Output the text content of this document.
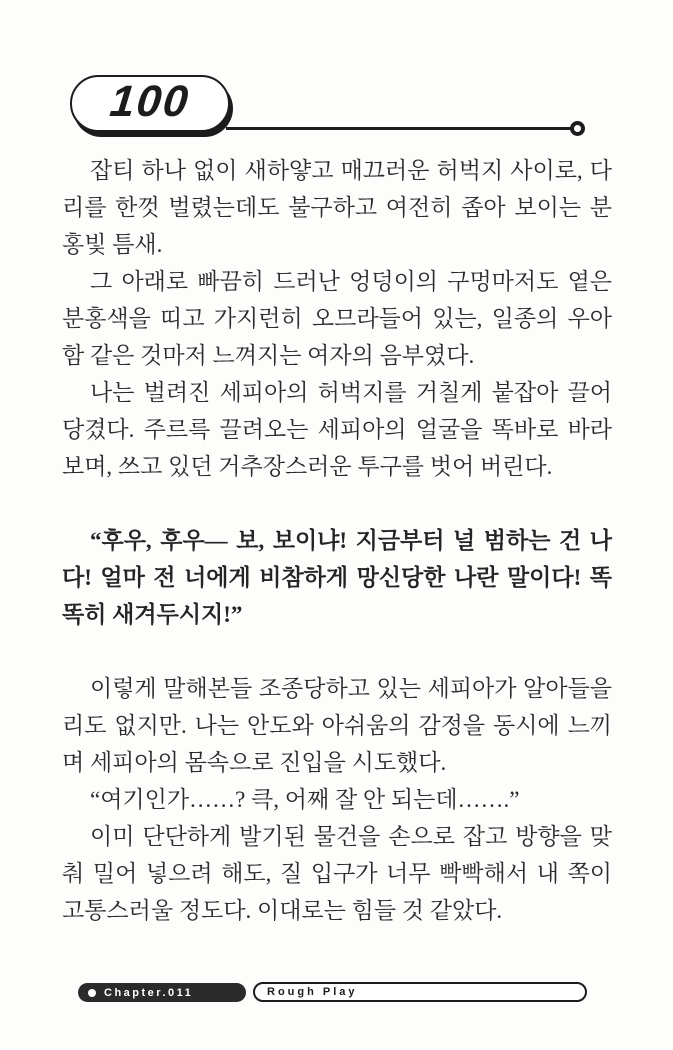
100

잡티 하나 없이 새하얗고 매끄러운 허벅지 사이로, 다리를 한껏 벌렸는데도 불구하고 여전히 좁아 보이는 분홍빛 틈새.

그 아래로 빠끔히 드러난 엉덩이의 구멍마저도 옅은 분홍색을 띠고 가지런히 오므라들어 있는, 일종의 우아함 같은 것마저 느껴지는 여자의 음부였다.

나는 벌려진 세피아의 허벅지를 거칠게 붙잡아 끌어당겼다. 주르륵 끌려오는 세피아의 얼굴을 똑바로 바라보며, 쓰고 있던 거추장스러운 투구를 벗어 버린다.

“후우, 후우— 보, 보이냐! 지금부터 널 범하는 건 나다! 얼마 전 너에게 비참하게 망신당한 나란 말이다! 똑똑히 새겨두시지!”

이렇게 말해본들 조종당하고 있는 세피아가 알아들을 리도 없지만. 나는 안도와 아쉬움의 감정을 동시에 느끼며 세피아의 몸속으로 진입을 시도했다.

“여기인가……? 큭, 어째 잘 안 되는데…….”

이미 단단하게 발기된 물건을 손으로 잡고 방향을 맞춰 밀어 넣으려 해도, 질 입구가 너무 빡빡해서 내 쪽이 고통스러울 정도다. 이대로는 힘들 것 같았다.

Chapter.011	Rough Play
